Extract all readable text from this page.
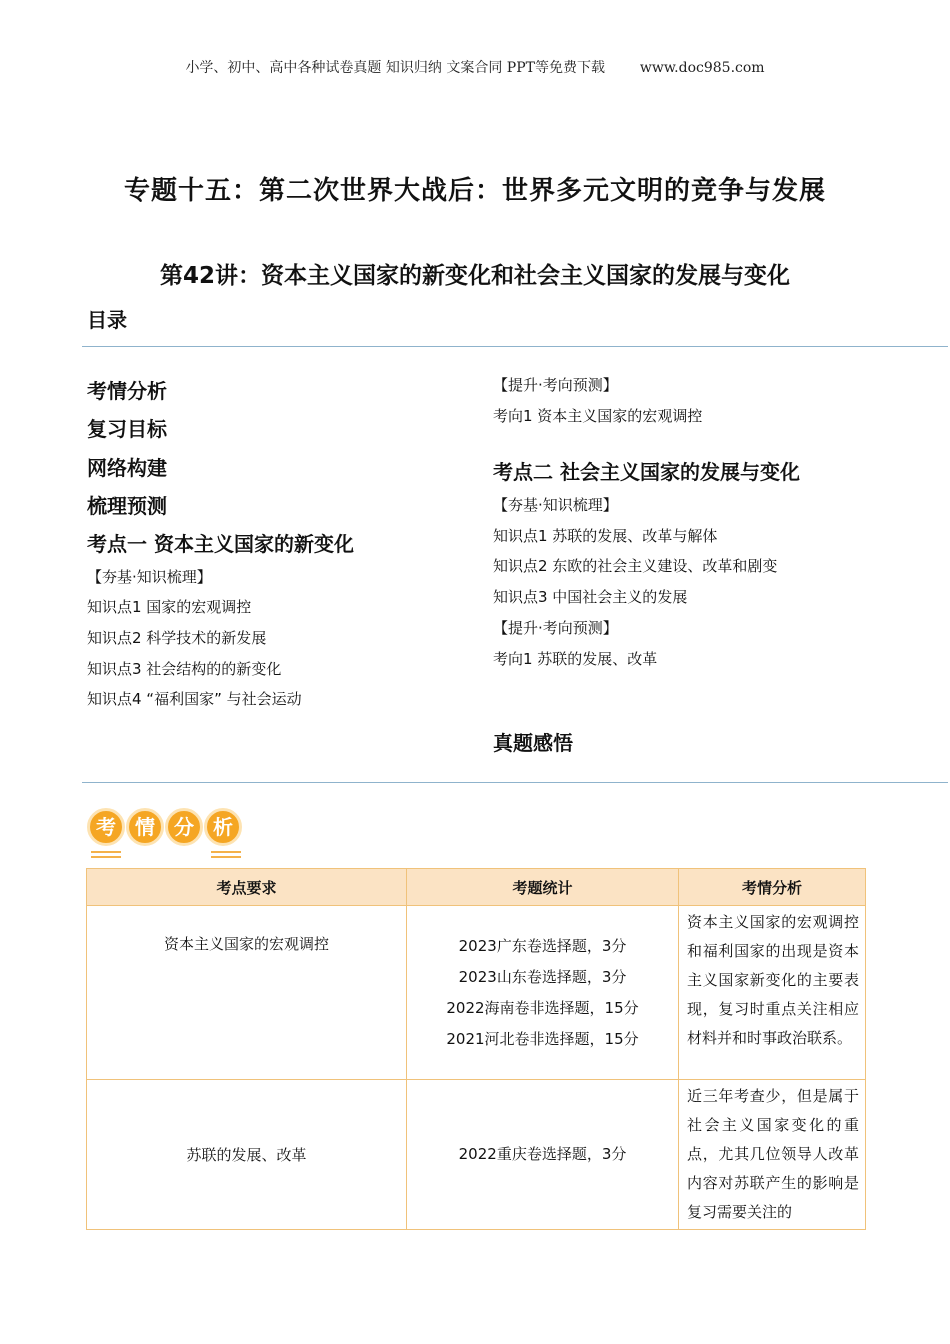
小学、初中、高中各种试卷真题 知识归纳 文案合同 PPT等免费下载 www.doc985.com
专题十五：第二次世界大战后：世界多元文明的竞争与发展
第42讲：资本主义国家的新变化和社会主义国家的发展与变化
目录
考情分析
复习目标
网络构建
梳理预测
考点一 资本主义国家的新变化
【夯基·知识梳理】
知识点1 国家的宏观调控
知识点2 科学技术的新发展
知识点3 社会结构的的新变化
知识点4 “福利国家” 与社会运动
【提升·考向预测】
考向1 资本主义国家的宏观调控
考点二 社会主义国家的发展与变化
【夯基·知识梳理】
知识点1 苏联的发展、改革与解体
知识点2 东欧的社会主义建设、改革和剧变
知识点3 中国社会主义的发展
【提升·考向预测】
考向1 苏联的发展、改革
真题感悟
考 情 分 析
考点要求	考题统计	考情分析
资本主义国家的宏观调控	2023广东卷选择题，3分
2023山东卷选择题，3分
2022海南卷非选择题，15分
2021河北卷非选择题，15分	资本主义国家的宏观调控和福利国家的出现是资本主义国家新变化的主要表现，复习时重点关注相应材料并和时事政治联系。
苏联的发展、改革	2022重庆卷选择题，3分	近三年考查少，但是属于社会主义国家变化的重点，尤其几位领导人改革内容对苏联产生的影响是复习需要关注的
